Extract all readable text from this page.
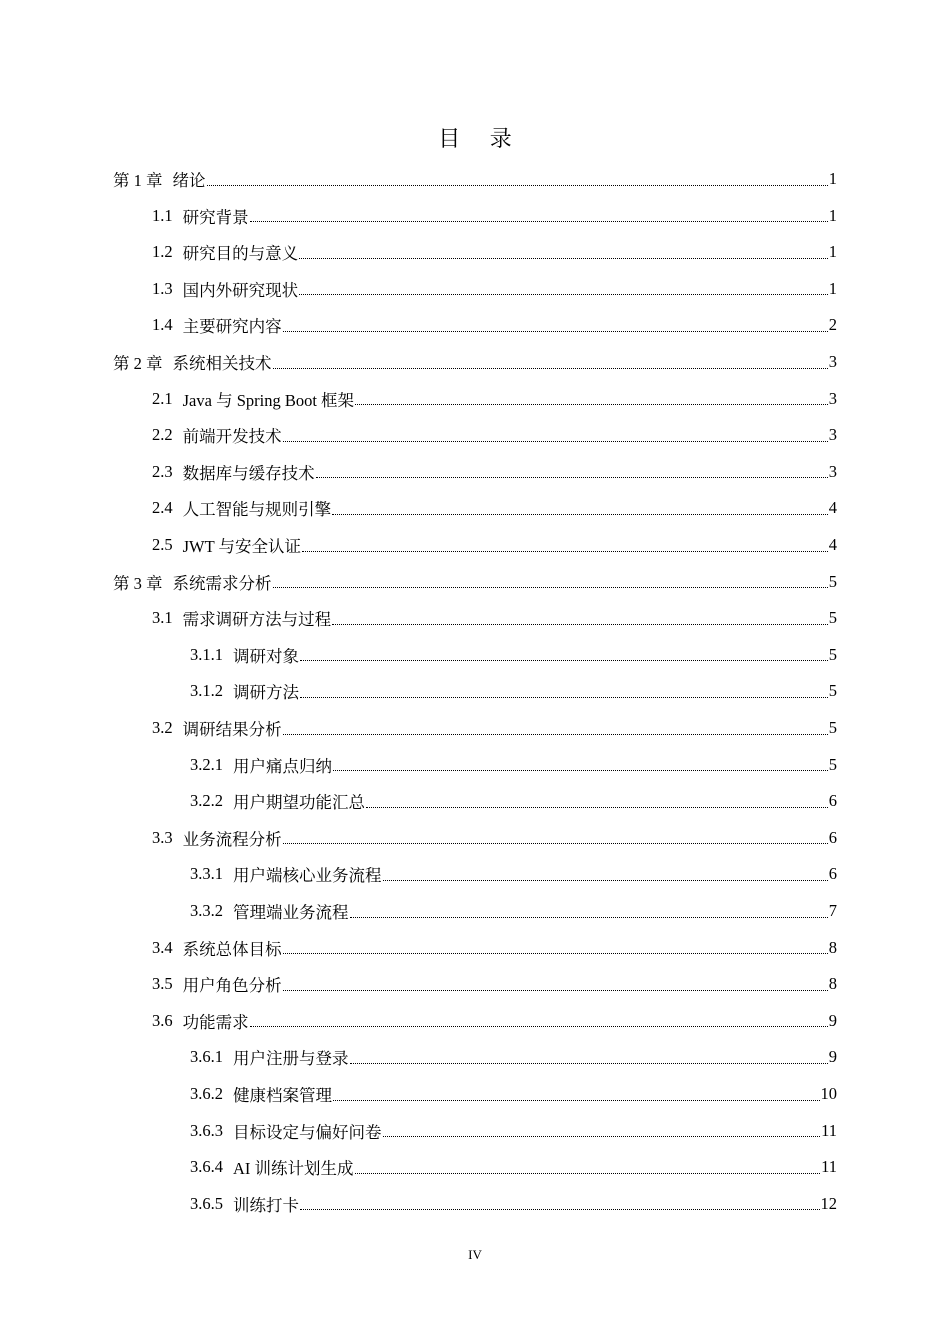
目 录
第 1 章 绪论	1
1.1 研究背景	1
1.2 研究目的与意义	1
1.3 国内外研究现状	1
1.4 主要研究内容	2
第 2 章 系统相关技术	3
2.1 Java 与 Spring Boot 框架	3
2.2 前端开发技术	3
2.3 数据库与缓存技术	3
2.4 人工智能与规则引擎	4
2.5 JWT 与安全认证	4
第 3 章 系统需求分析	5
3.1 需求调研方法与过程	5
3.1.1 调研对象	5
3.1.2 调研方法	5
3.2 调研结果分析	5
3.2.1 用户痛点归纳	5
3.2.2 用户期望功能汇总	6
3.3 业务流程分析	6
3.3.1 用户端核心业务流程	6
3.3.2 管理端业务流程	7
3.4 系统总体目标	8
3.5 用户角色分析	8
3.6 功能需求	9
3.6.1 用户注册与登录	9
3.6.2 健康档案管理	10
3.6.3 目标设定与偏好问卷	11
3.6.4 AI 训练计划生成	11
3.6.5 训练打卡	12
IV
